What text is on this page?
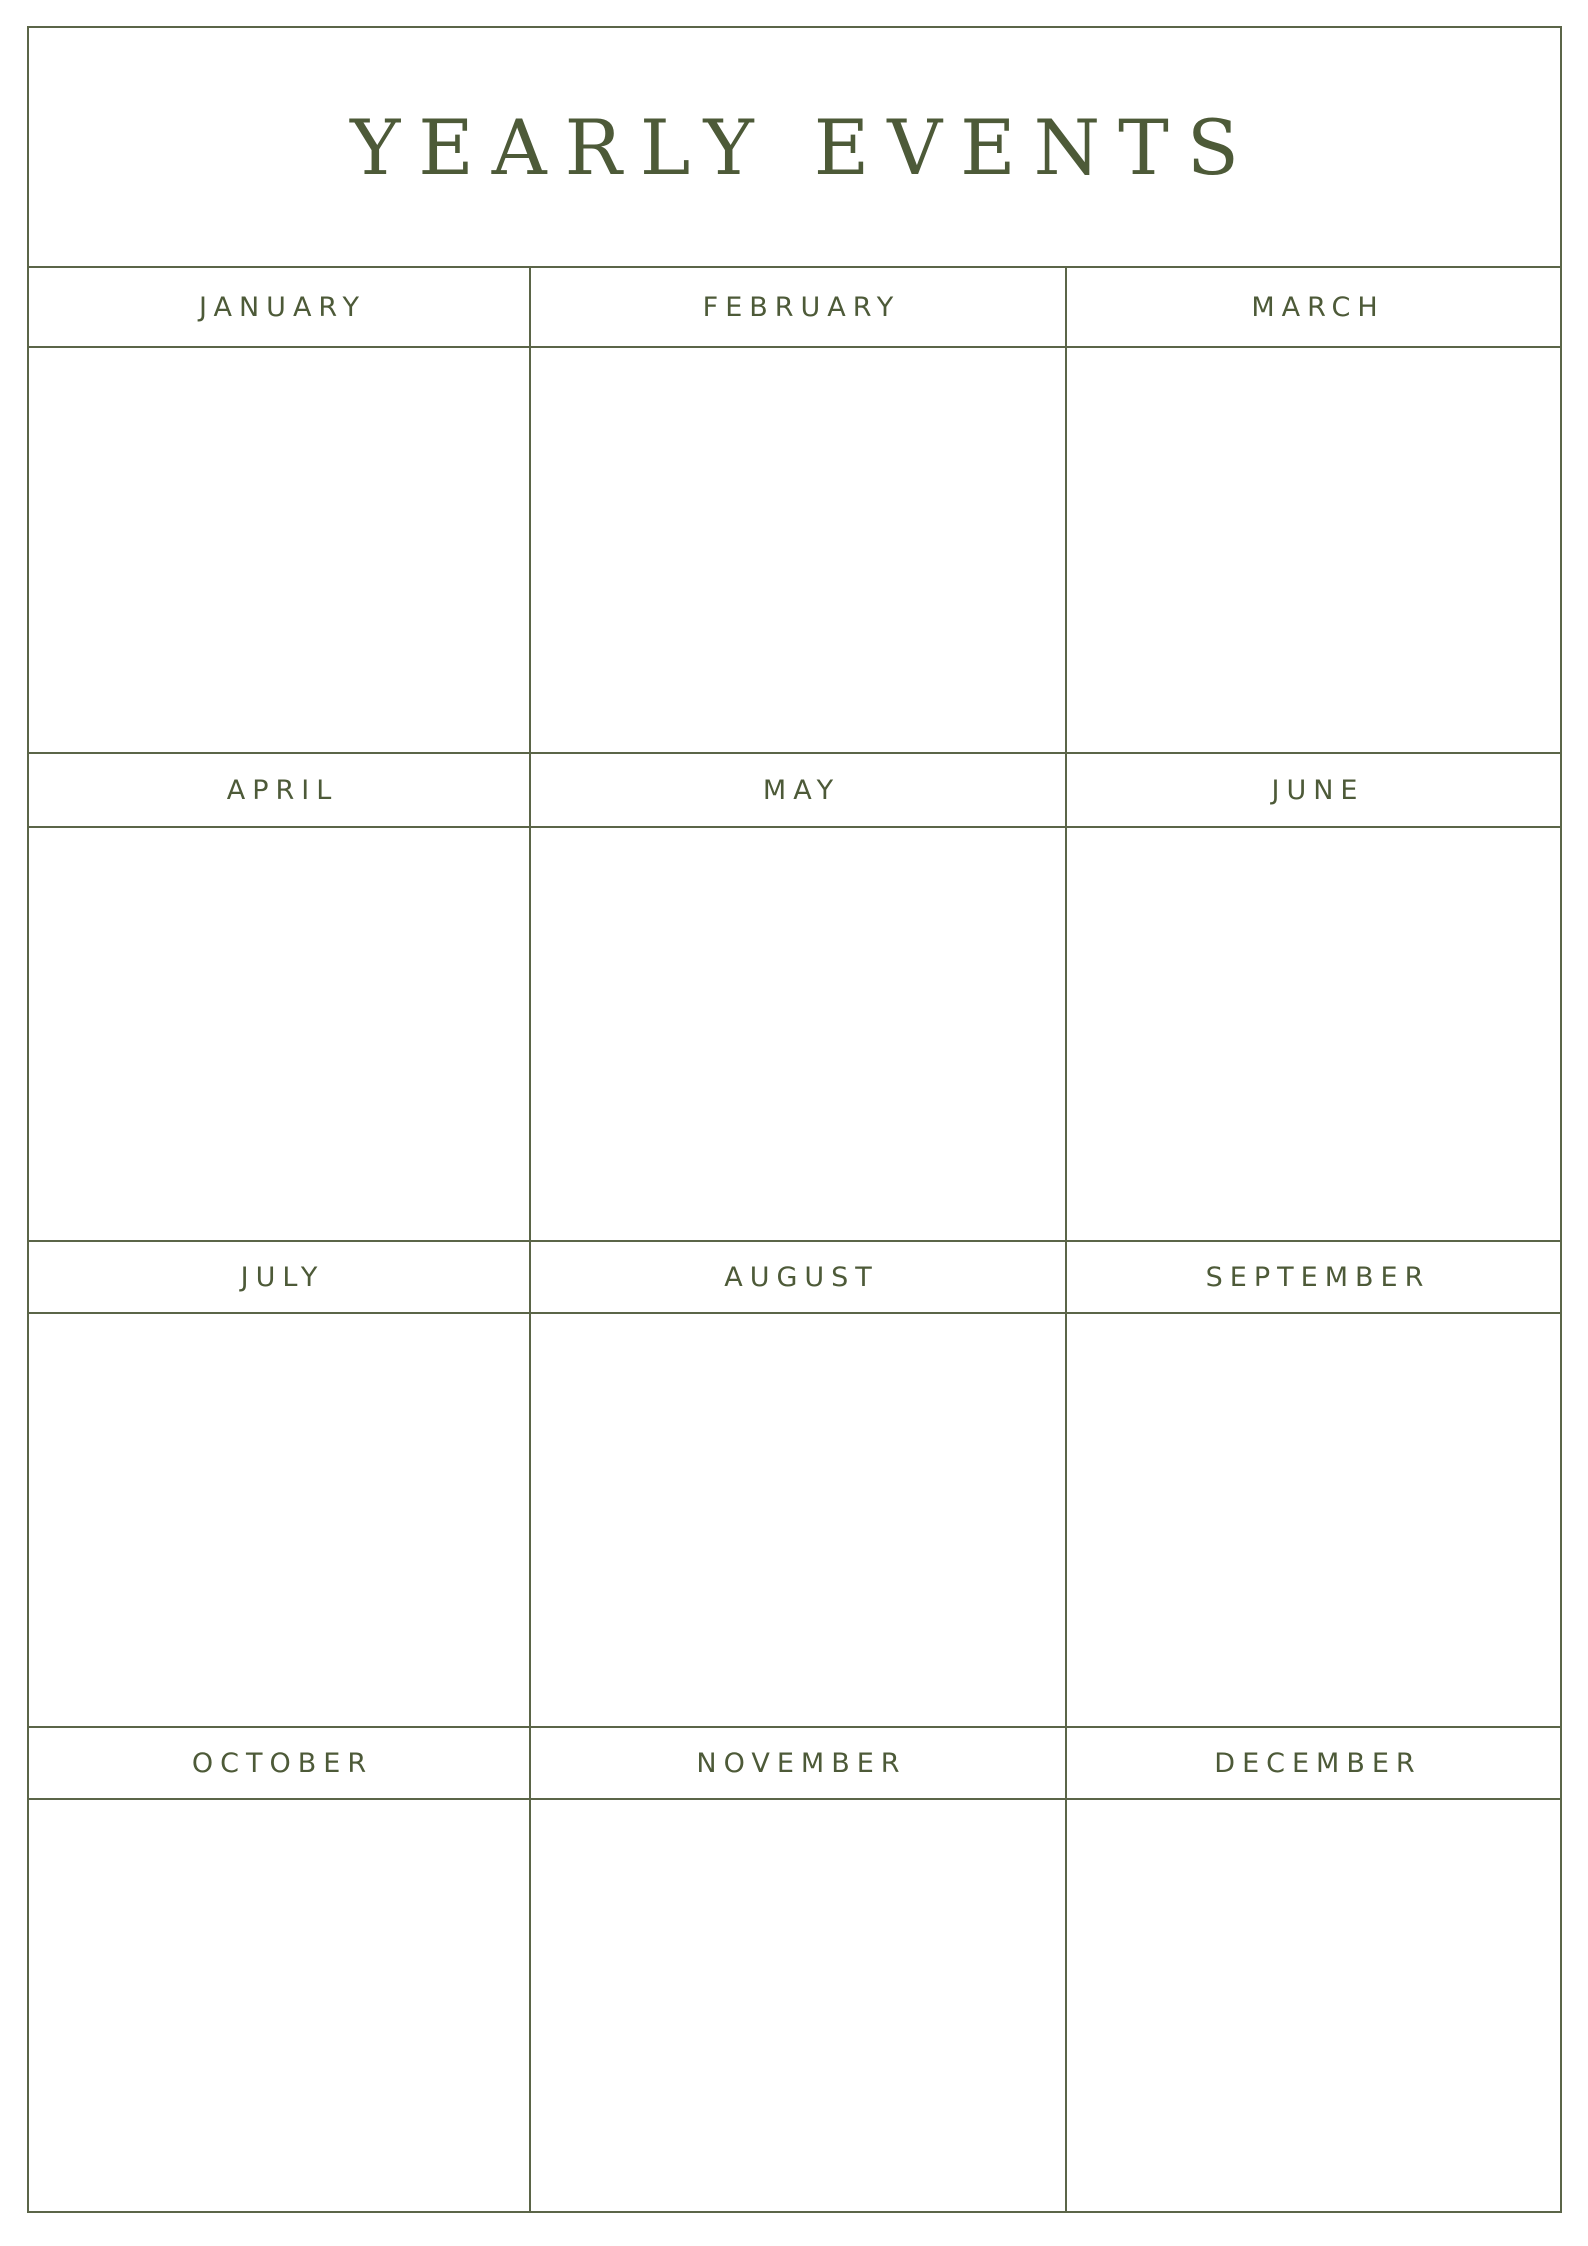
YEARLY EVENTS
JANUARY	FEBRUARY	MARCH
APRIL	MAY	JUNE
JULY	AUGUST	SEPTEMBER
OCTOBER	NOVEMBER	DECEMBER
